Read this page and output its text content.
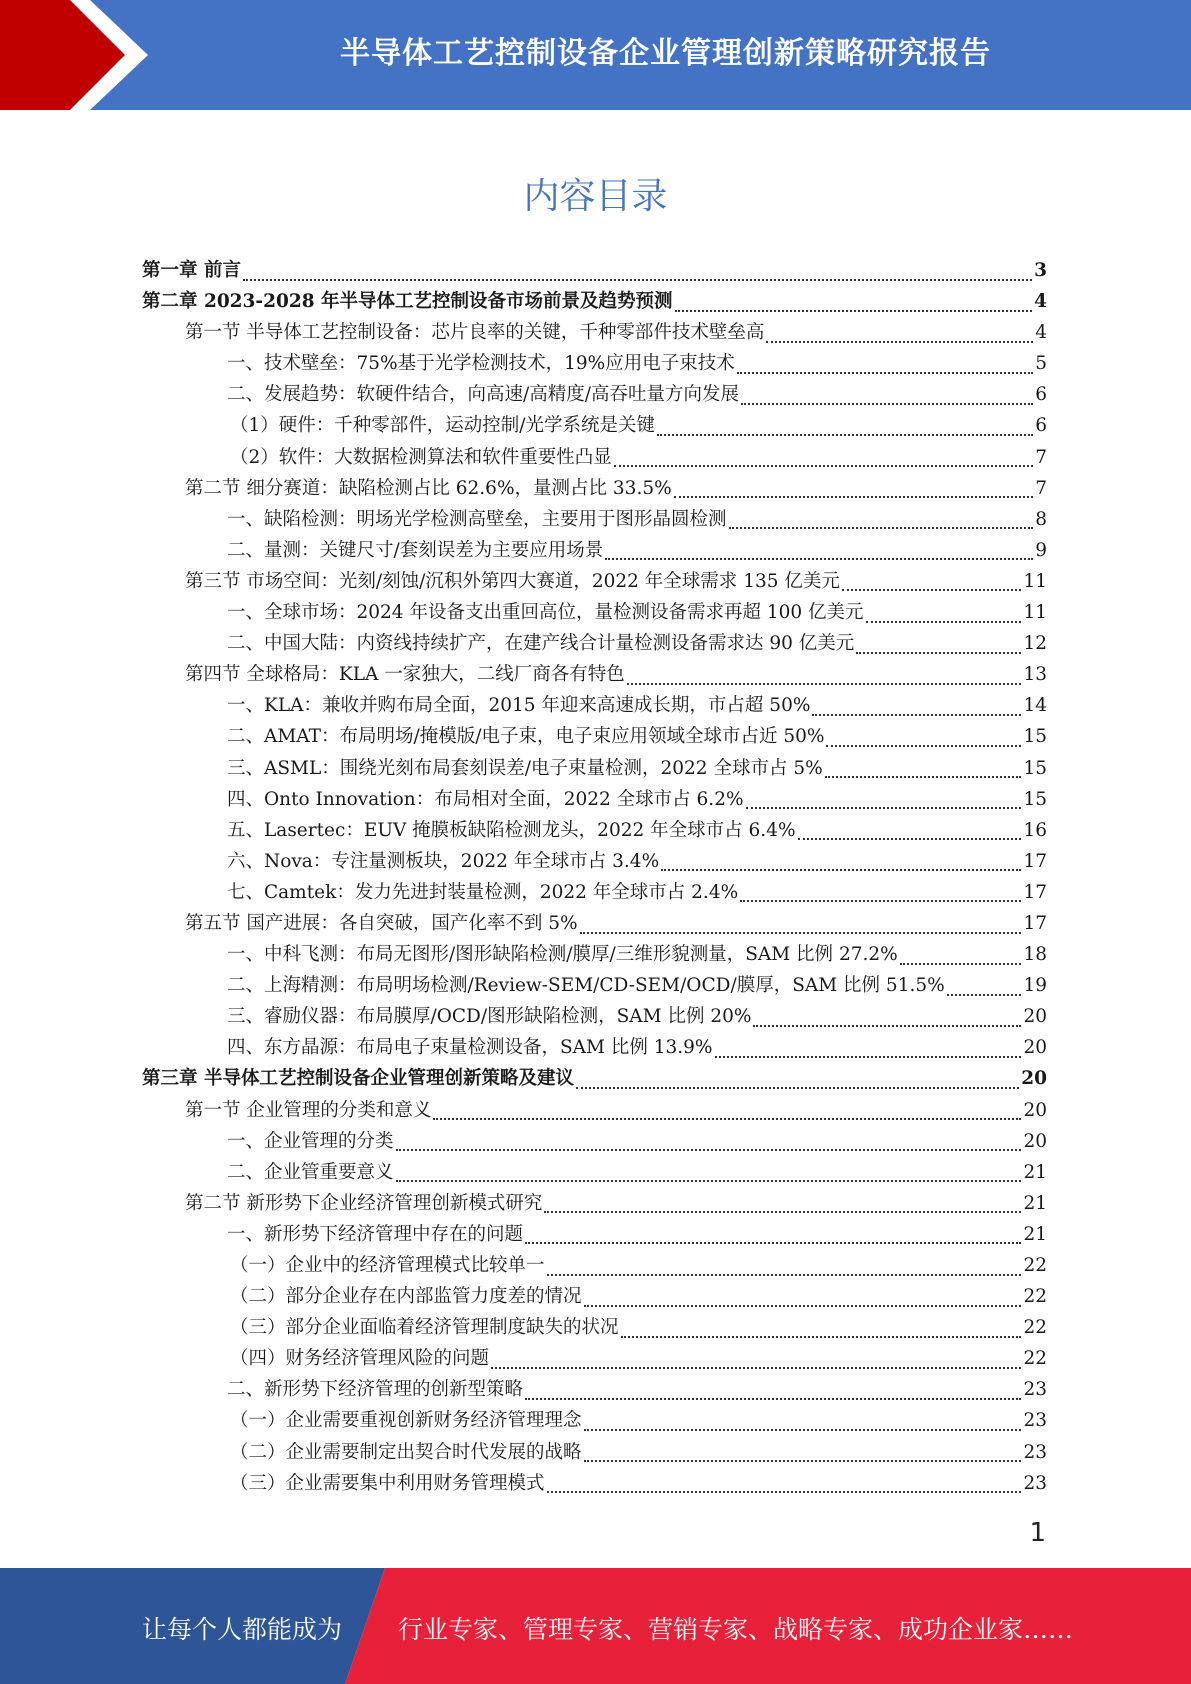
半导体工艺控制设备企业管理创新策略研究报告
内容目录
第一章 前言	3
第二章 2023-2028 年半导体工艺控制设备市场前景及趋势预测	4
第一节 半导体工艺控制设备：芯片良率的关键，千种零部件技术壁垒高	4
一、技术壁垒：75%基于光学检测技术，19%应用电子束技术	5
二、发展趋势：软硬件结合，向高速/高精度/高吞吐量方向发展	6
（1）硬件：千种零部件，运动控制/光学系统是关键	6
（2）软件：大数据检测算法和软件重要性凸显	7
第二节 细分赛道：缺陷检测占比 62.6%，量测占比 33.5%	7
一、缺陷检测：明场光学检测高壁垒，主要用于图形晶圆检测	8
二、量测：关键尺寸/套刻误差为主要应用场景	9
第三节 市场空间：光刻/刻蚀/沉积外第四大赛道，2022 年全球需求 135 亿美元	11
一、全球市场：2024 年设备支出重回高位，量检测设备需求再超 100 亿美元	11
二、中国大陆：内资线持续扩产，在建产线合计量检测设备需求达 90 亿美元	12
第四节 全球格局：KLA 一家独大，二线厂商各有特色	13
一、KLA：兼收并购布局全面，2015 年迎来高速成长期，市占超 50%	14
二、AMAT：布局明场/掩模版/电子束，电子束应用领域全球市占近 50%	15
三、ASML：围绕光刻布局套刻误差/电子束量检测，2022 全球市占 5%	15
四、Onto Innovation：布局相对全面，2022 全球市占 6.2%	15
五、Lasertec：EUV 掩膜板缺陷检测龙头，2022 年全球市占 6.4%	16
六、Nova：专注量测板块，2022 年全球市占 3.4%	17
七、Camtek：发力先进封装量检测，2022 年全球市占 2.4%	17
第五节 国产进展：各自突破，国产化率不到 5%	17
一、中科飞测：布局无图形/图形缺陷检测/膜厚/三维形貌测量，SAM 比例 27.2%	18
二、上海精测：布局明场检测/Review-SEM/CD-SEM/OCD/膜厚，SAM 比例 51.5%	19
三、睿励仪器：布局膜厚/OCD/图形缺陷检测，SAM 比例 20%	20
四、东方晶源：布局电子束量检测设备，SAM 比例 13.9%	20
第三章 半导体工艺控制设备企业管理创新策略及建议	20
第一节 企业管理的分类和意义	20
一、企业管理的分类	20
二、企业管重要意义	21
第二节 新形势下企业经济管理创新模式研究	21
一、新形势下经济管理中存在的问题	21
（一）企业中的经济管理模式比较单一	22
（二）部分企业存在内部监管力度差的情况	22
（三）部分企业面临着经济管理制度缺失的状况	22
（四）财务经济管理风险的问题	22
二、新形势下经济管理的创新型策略	23
（一）企业需要重视创新财务经济管理理念	23
（二）企业需要制定出契合时代发展的战略	23
（三）企业需要集中利用财务管理模式	23
1
让每个人都能成为 行业专家、管理专家、营销专家、战略专家、成功企业家……
